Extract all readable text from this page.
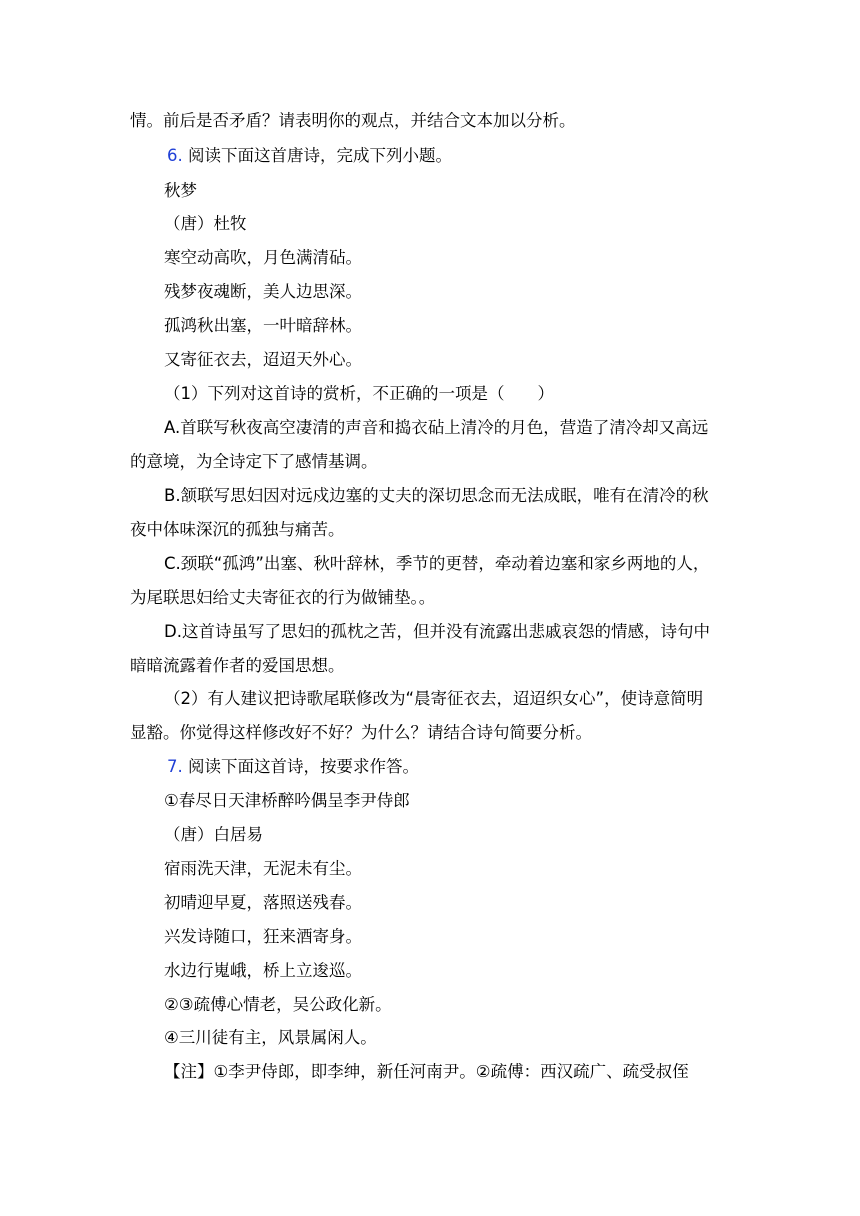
情。前后是否矛盾？请表明你的观点，并结合文本加以分析。
6. 阅读下面这首唐诗，完成下列小题。
秋梦
（唐）杜牧
寒空动高吹，月色满清砧。
残梦夜魂断，美人边思深。
孤鸿秋出塞，一叶暗辞林。
又寄征衣去，迢迢天外心。
（1）下列对这首诗的赏析，不正确的一项是（　　）
A.首联写秋夜高空凄清的声音和捣衣砧上清冷的月色，营造了清冷却又高远
的意境，为全诗定下了感情基调。
B.颔联写思妇因对远戍边塞的丈夫的深切思念而无法成眠，唯有在清冷的秋
夜中体味深沉的孤独与痛苦。
C.颈联“孤鸿”出塞、秋叶辞林，季节的更替，牵动着边塞和家乡两地的人，
为尾联思妇给丈夫寄征衣的行为做铺垫。。
D.这首诗虽写了思妇的孤枕之苦，但并没有流露出悲戚哀怨的情感，诗句中
暗暗流露着作者的爱国思想。
（2）有人建议把诗歌尾联修改为“晨寄征衣去，迢迢织女心”，使诗意简明
显豁。你觉得这样修改好不好？为什么？请结合诗句简要分析。
7. 阅读下面这首诗，按要求作答。
①春尽日天津桥醉吟偶呈李尹侍郎
（唐）白居易
宿雨洗天津，无泥未有尘。
初晴迎早夏，落照送残春。
兴发诗随口，狂来酒寄身。
水边行嵬峨，桥上立逡巡。
②③疏傅心情老，吴公政化新。
④三川徒有主，风景属闲人。
【注】①李尹侍郎，即李绅，新任河南尹。②疏傅：西汉疏广、疏受叔侄
